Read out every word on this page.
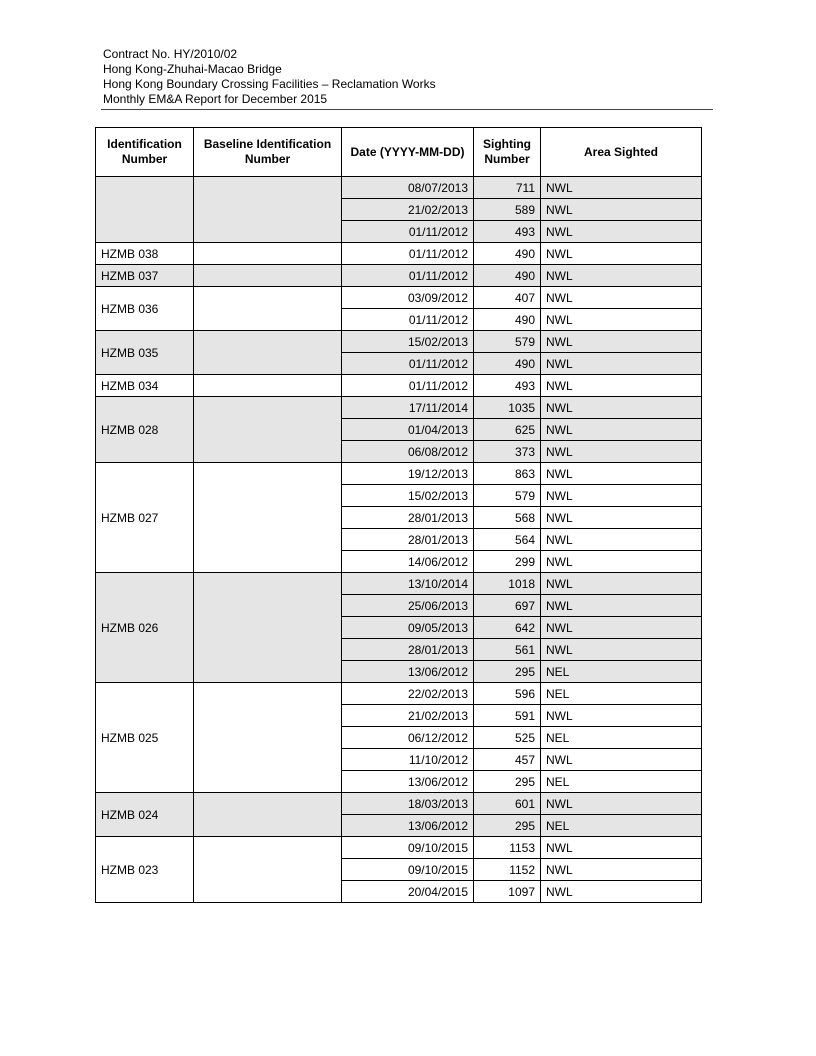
Contract No. HY/2010/02
Hong Kong-Zhuhai-Macao Bridge
Hong Kong Boundary Crossing Facilities – Reclamation Works
Monthly EM&A Report for December 2015
Identification Number	Baseline Identification Number	Date (YYYY-MM-DD)	Sighting Number	Area Sighted
		08/07/2013	711	NWL
		21/02/2013	589	NWL
		01/11/2012	493	NWL
HZMB 038		01/11/2012	490	NWL
HZMB 037		01/11/2012	490	NWL
HZMB 036		03/09/2012	407	NWL
		01/11/2012	490	NWL
HZMB 035		15/02/2013	579	NWL
		01/11/2012	490	NWL
HZMB 034		01/11/2012	493	NWL
HZMB 028		17/11/2014	1035	NWL
		01/04/2013	625	NWL
		06/08/2012	373	NWL
HZMB 027		19/12/2013	863	NWL
		15/02/2013	579	NWL
		28/01/2013	568	NWL
		28/01/2013	564	NWL
		14/06/2012	299	NWL
HZMB 026		13/10/2014	1018	NWL
		25/06/2013	697	NWL
		09/05/2013	642	NWL
		28/01/2013	561	NWL
		13/06/2012	295	NEL
HZMB 025		22/02/2013	596	NEL
		21/02/2013	591	NWL
		06/12/2012	525	NEL
		11/10/2012	457	NWL
		13/06/2012	295	NEL
HZMB 024		18/03/2013	601	NWL
		13/06/2012	295	NEL
HZMB 023		09/10/2015	1153	NWL
		09/10/2015	1152	NWL
		20/04/2015	1097	NWL
